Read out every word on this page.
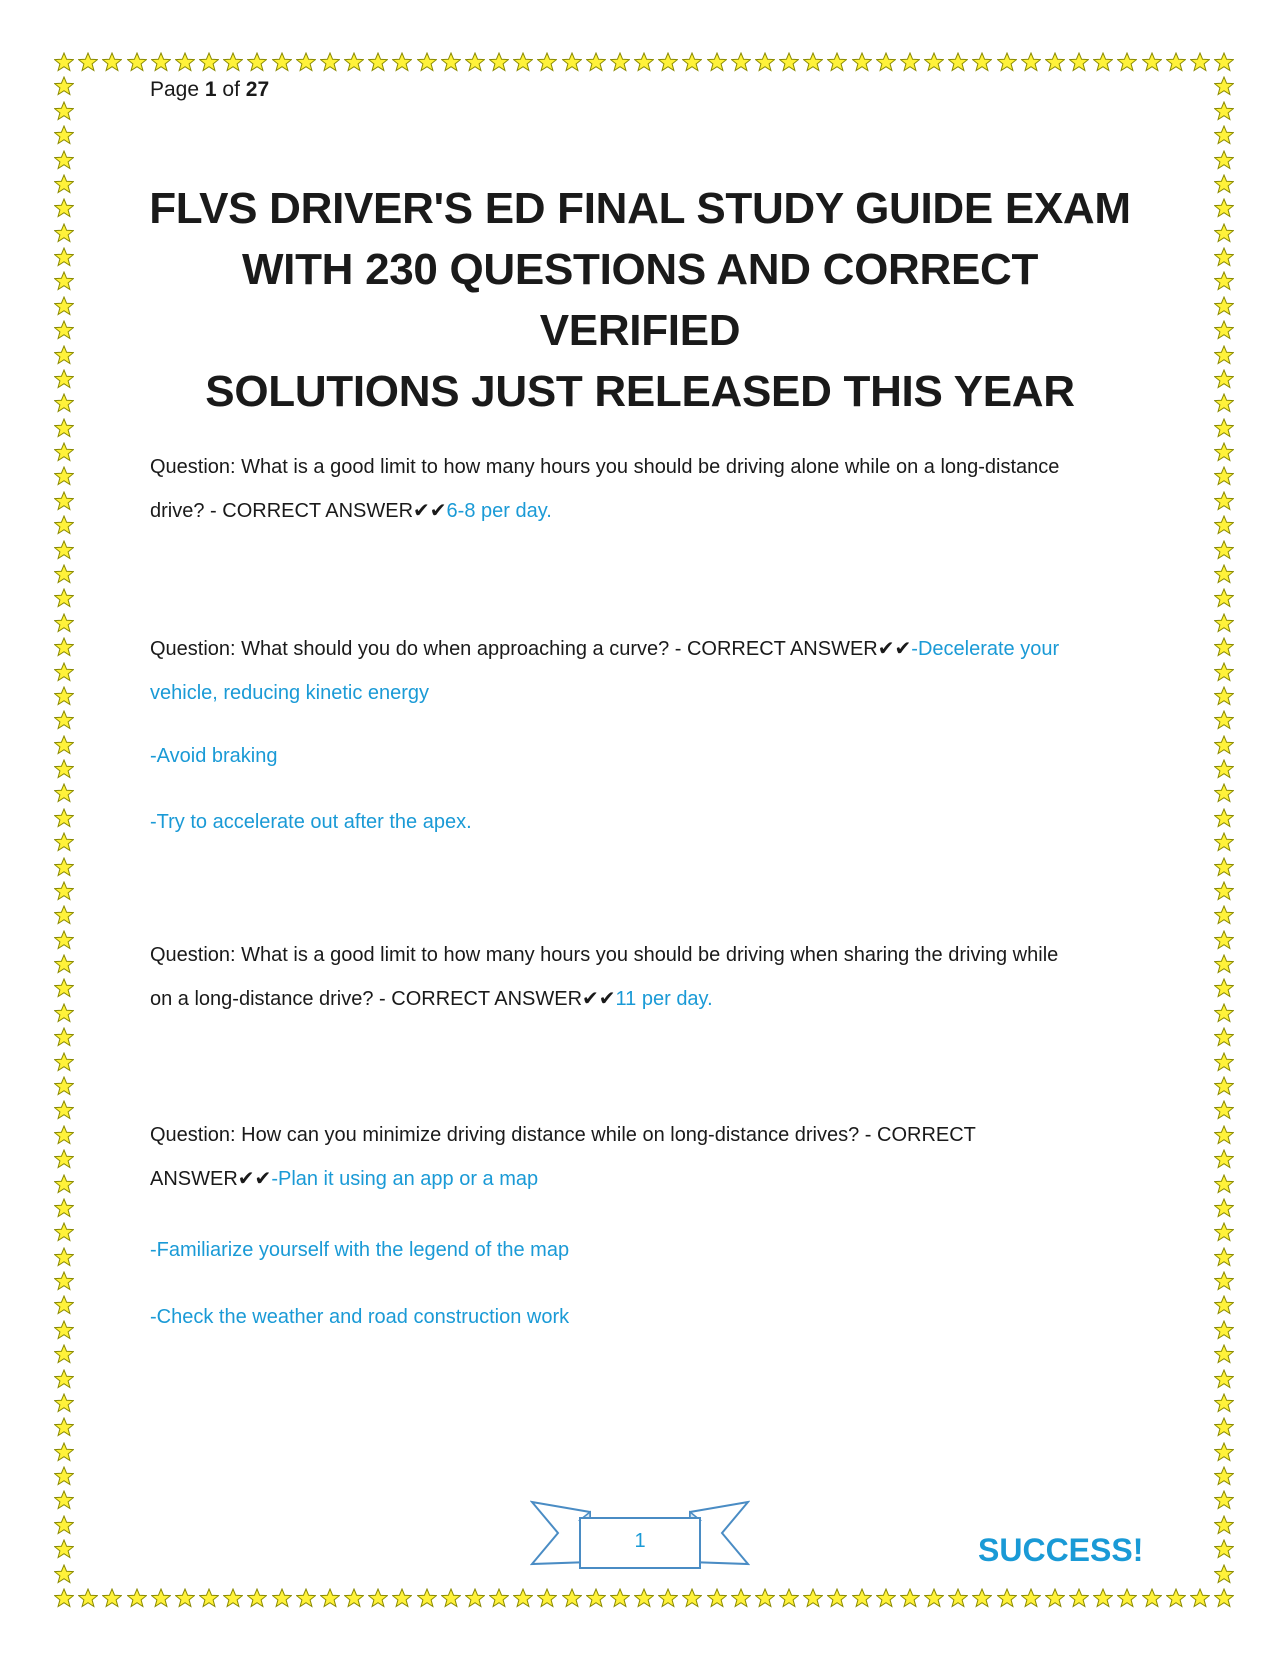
Page 1 of 27
FLVS DRIVER'S ED FINAL STUDY GUIDE EXAM
WITH 230 QUESTIONS AND CORRECT VERIFIED
SOLUTIONS JUST RELEASED THIS YEAR
Question: What is a good limit to how many hours you should be driving alone while on a long-distance
drive? - CORRECT ANSWER✔✔6-8 per day.
Question: What should you do when approaching a curve? - CORRECT ANSWER✔✔-Decelerate your
vehicle, reducing kinetic energy
-Avoid braking
-Try to accelerate out after the apex.
Question: What is a good limit to how many hours you should be driving when sharing the driving while
on a long-distance drive? - CORRECT ANSWER✔✔11 per day.
Question: How can you minimize driving distance while on long-distance drives? - CORRECT
ANSWER✔✔-Plan it using an app or a map
-Familiarize yourself with the legend of the map
-Check the weather and road construction work
1	SUCCESS!
